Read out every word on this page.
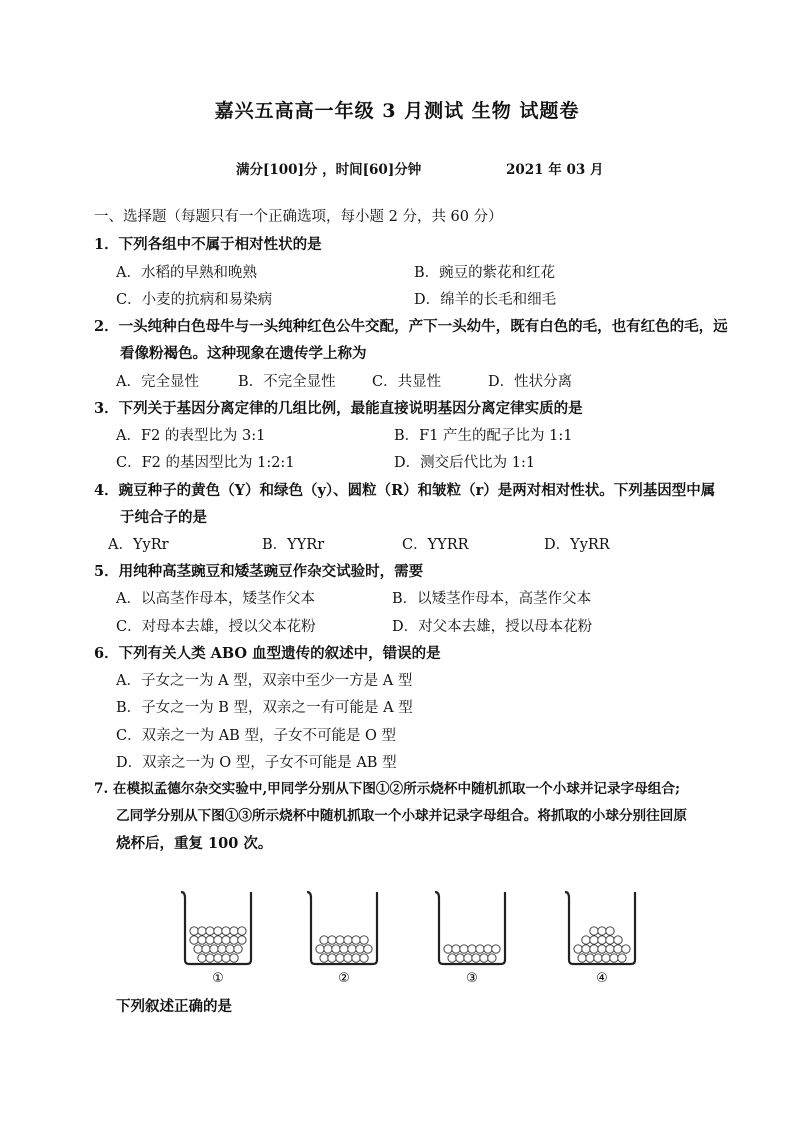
嘉兴五高高一年级 3 月测试 生物 试题卷
满分[100]分 ，时间[60]分钟	2021 年 03 月
一、选择题（每题只有一个正确选项，每小题 2 分，共 60 分）
1．下列各组中不属于相对性状的是
A．水稻的早熟和晚熟	B．豌豆的紫花和红花
C．小麦的抗病和易染病	D．绵羊的长毛和细毛
2．一头纯种白色母牛与一头纯种红色公牛交配，产下一头幼牛，既有白色的毛，也有红色的毛，远
看像粉褐色。这种现象在遗传学上称为
A．完全显性	B．不完全显性	C．共显性	D．性状分离
3．下列关于基因分离定律的几组比例，最能直接说明基因分离定律实质的是
A．F2 的表型比为 3:1	B．F1 产生的配子比为 1:1
C．F2 的基因型比为 1:2:1	D．测交后代比为 1:1
4．豌豆种子的黄色（Y）和绿色（y）、圆粒（R）和皱粒（r）是两对相对性状。下列基因型中属
于纯合子的是
A．YyRr	B．YYRr	C．YYRR	D．YyRR
5．用纯种高茎豌豆和矮茎豌豆作杂交试验时，需要
A．以高茎作母本，矮茎作父本	B．以矮茎作母本，高茎作父本
C．对母本去雄，授以父本花粉	D．对父本去雄，授以母本花粉
6．下列有关人类 ABO 血型遗传的叙述中，错误的是
A．子女之一为 A 型，双亲中至少一方是 A 型
B．子女之一为 B 型，双亲之一有可能是 A 型
C．双亲之一为 AB 型，子女不可能是 O 型
D．双亲之一为 O 型，子女不可能是 AB 型
7. 在模拟孟德尔杂交实验中,甲同学分别从下图①②所示烧杯中随机抓取一个小球并记录字母组合;
乙同学分别从下图①③所示烧杯中随机抓取一个小球并记录字母组合。将抓取的小球分别往回原
烧杯后，重复 100 次。
①	②	③	④
下列叙述正确的是
